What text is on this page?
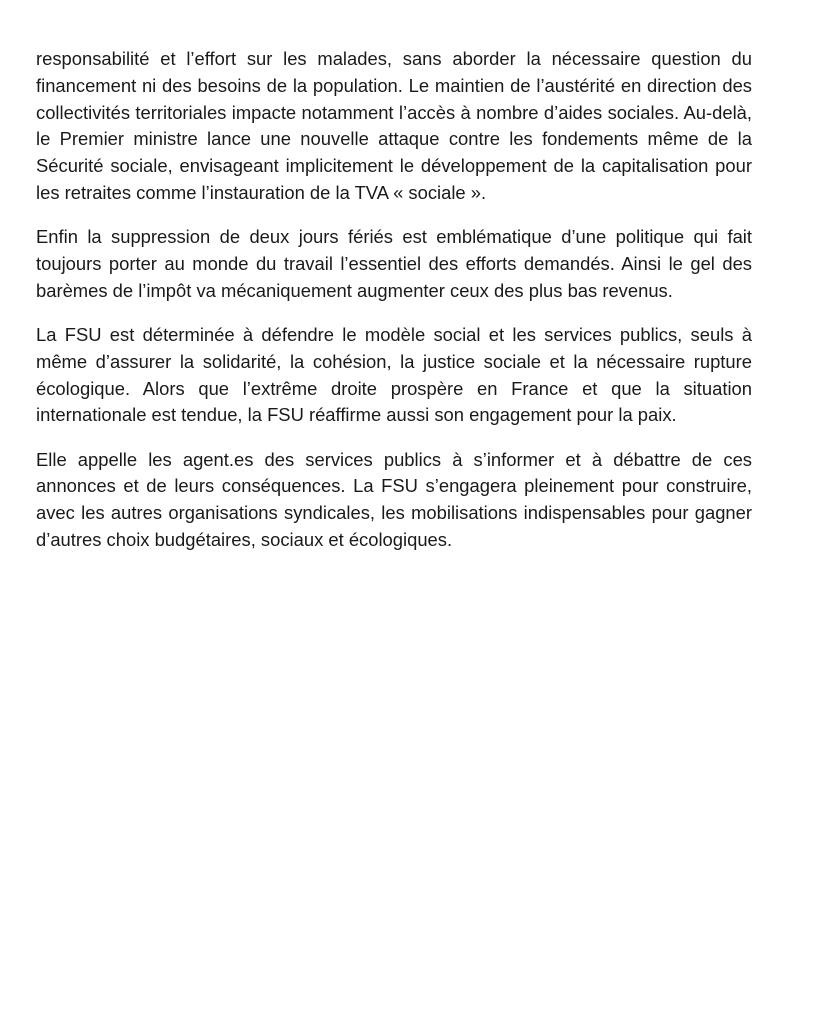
responsabilité et l’effort sur les malades, sans aborder la nécessaire question du financement ni des besoins de la population. Le maintien de l’austérité en direction des collectivités territoriales impacte notamment l’accès à nombre d’aides sociales. Au-delà, le Premier ministre lance une nouvelle attaque contre les fondements même de la Sécurité sociale, envisageant implicitement le développement de la capitalisation pour les retraites comme l’instauration de la TVA « sociale ».

Enfin la suppression de deux jours fériés est emblématique d’une politique qui fait toujours porter au monde du travail l’essentiel des efforts demandés. Ainsi le gel des barèmes de l’impôt va mécaniquement augmenter ceux des plus bas revenus.

La FSU est déterminée à défendre le modèle social et les services publics, seuls à même d’assurer la solidarité, la cohésion, la justice sociale et la nécessaire rupture écologique. Alors que l’extrême droite prospère en France et que la situation internationale est tendue, la FSU réaffirme aussi son engagement pour la paix.

Elle appelle les agent.es des services publics à s’informer et à débattre de ces annonces et de leurs conséquences. La FSU s’engagera pleinement pour construire, avec les autres organisations syndicales, les mobilisations indispensables pour gagner d’autres choix budgétaires, sociaux et écologiques.
